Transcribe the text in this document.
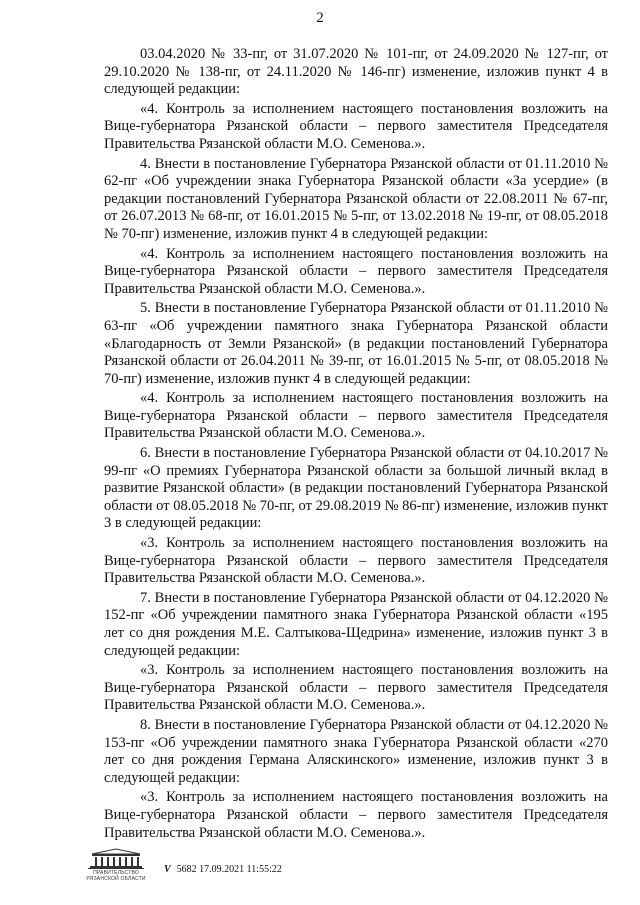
2

03.04.2020 № 33-пг, от 31.07.2020 № 101-пг, от 24.09.2020 № 127-пг, от 29.10.2020 № 138-пг, от 24.11.2020 № 146-пг) изменение, изложив пункт 4 в следующей редакции:

«4. Контроль за исполнением настоящего постановления возложить на Вице-губернатора Рязанской области – первого заместителя Председателя Правительства Рязанской области М.О. Семенова.».

4. Внести в постановление Губернатора Рязанской области от 01.11.2010 № 62-пг «Об учреждении знака Губернатора Рязанской области «За усердие» (в редакции постановлений Губернатора Рязанской области от 22.08.2011 № 67-пг, от 26.07.2013 № 68-пг, от 16.01.2015 № 5-пг, от 13.02.2018 № 19-пг, от 08.05.2018 № 70-пг) изменение, изложив пункт 4 в следующей редакции:

«4. Контроль за исполнением настоящего постановления возложить на Вице-губернатора Рязанской области – первого заместителя Председателя Правительства Рязанской области М.О. Семенова.».

5. Внести в постановление Губернатора Рязанской области от 01.11.2010 № 63-пг «Об учреждении памятного знака Губернатора Рязанской области «Благодарность от Земли Рязанской» (в редакции постановлений Губернатора Рязанской области от 26.04.2011 № 39-пг, от 16.01.2015 № 5-пг, от 08.05.2018 № 70-пг) изменение, изложив пункт 4 в следующей редакции:

«4. Контроль за исполнением настоящего постановления возложить на Вице-губернатора Рязанской области – первого заместителя Председателя Правительства Рязанской области М.О. Семенова.».

6. Внести в постановление Губернатора Рязанской области от 04.10.2017 № 99-пг «О премиях Губернатора Рязанской области за большой личный вклад в развитие Рязанской области» (в редакции постановлений Губернатора Рязанской области от 08.05.2018 № 70-пг, от 29.08.2019 № 86-пг) изменение, изложив пункт 3 в следующей редакции:

«3. Контроль за исполнением настоящего постановления возложить на Вице-губернатора Рязанской области – первого заместителя Председателя Правительства Рязанской области М.О. Семенова.».

7. Внести в постановление Губернатора Рязанской области от 04.12.2020 № 152-пг «Об учреждении памятного знака Губернатора Рязанской области «195 лет со дня рождения М.Е. Салтыкова-Щедрина» изменение, изложив пункт 3 в следующей редакции:

«3. Контроль за исполнением настоящего постановления возложить на Вице-губернатора Рязанской области – первого заместителя Председателя Правительства Рязанской области М.О. Семенова.».

8. Внести в постановление Губернатора Рязанской области от 04.12.2020 № 153-пг «Об учреждении памятного знака Губернатора Рязанской области «270 лет со дня рождения Германа Аляскинского» изменение, изложив пункт 3 в следующей редакции:

«3. Контроль за исполнением настоящего постановления возложить на Вице-губернатора Рязанской области – первого заместителя Председателя Правительства Рязанской области М.О. Семенова.».

ПРАВИТЕЛЬСТВО РЯЗАНСКОЙ ОБЛАСТИ
V 5682 17.09.2021 11:55:22
